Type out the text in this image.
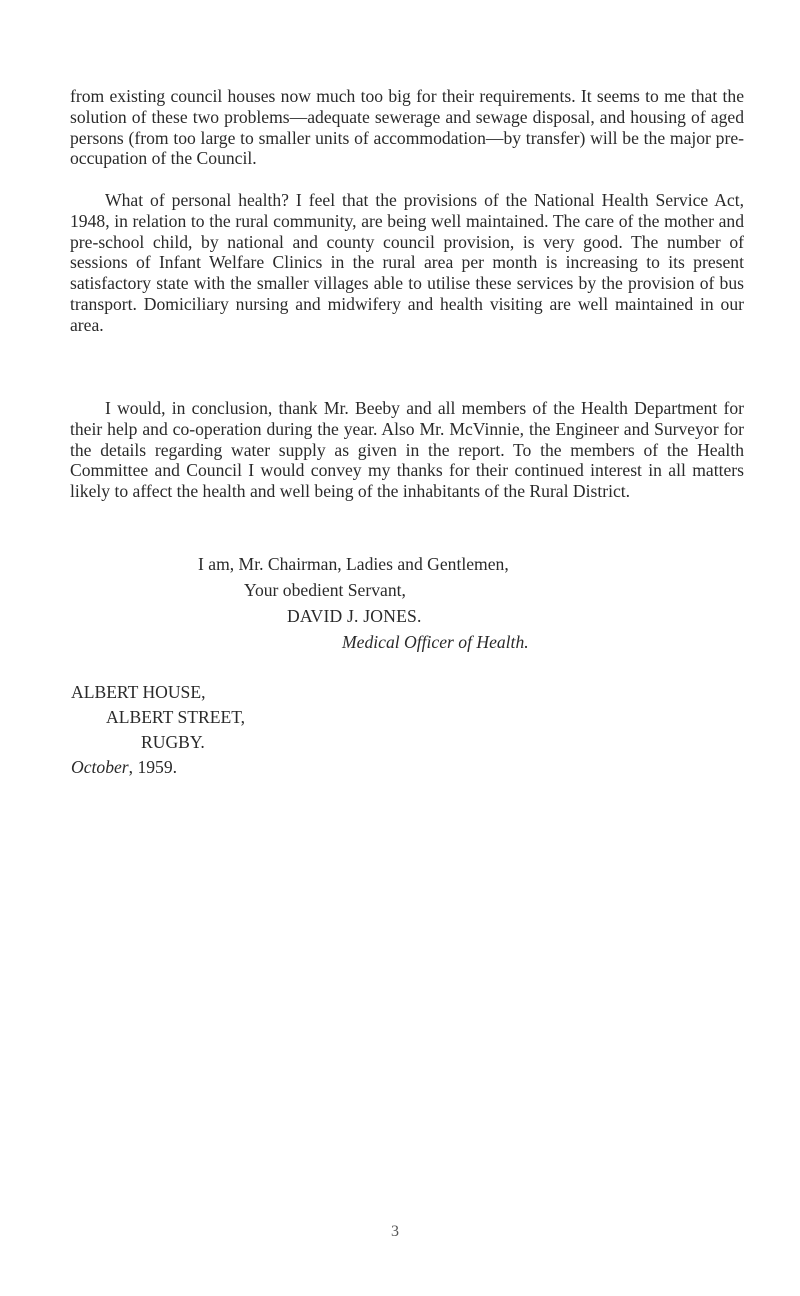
from existing council houses now much too big for their requirements. It seems to me that the solution of these two problems—adequate sewerage and sewage disposal, and housing of aged persons (from too large to smaller units of accommodation—by transfer) will be the major pre-occupation of the Council.

What of personal health? I feel that the provisions of the National Health Service Act, 1948, in relation to the rural community, are being well maintained. The care of the mother and pre-school child, by national and county council provision, is very good. The number of sessions of Infant Welfare Clinics in the rural area per month is increasing to its present satisfactory state with the smaller villages able to utilise these services by the provision of bus transport. Domiciliary nursing and midwifery and health visiting are well maintained in our area.

I would, in conclusion, thank Mr. Beeby and all members of the Health Department for their help and co-operation during the year. Also Mr. McVinnie, the Engineer and Surveyor for the details regarding water supply as given in the report. To the members of the Health Committee and Council I would convey my thanks for their continued interest in all matters likely to affect the health and well being of the inhabitants of the Rural District.

I am, Mr. Chairman, Ladies and Gentlemen,
Your obedient Servant,
DAVID J. JONES.
Medical Officer of Health.
ALBERT HOUSE,
ALBERT STREET,
RUGBY.
October, 1959.
3
